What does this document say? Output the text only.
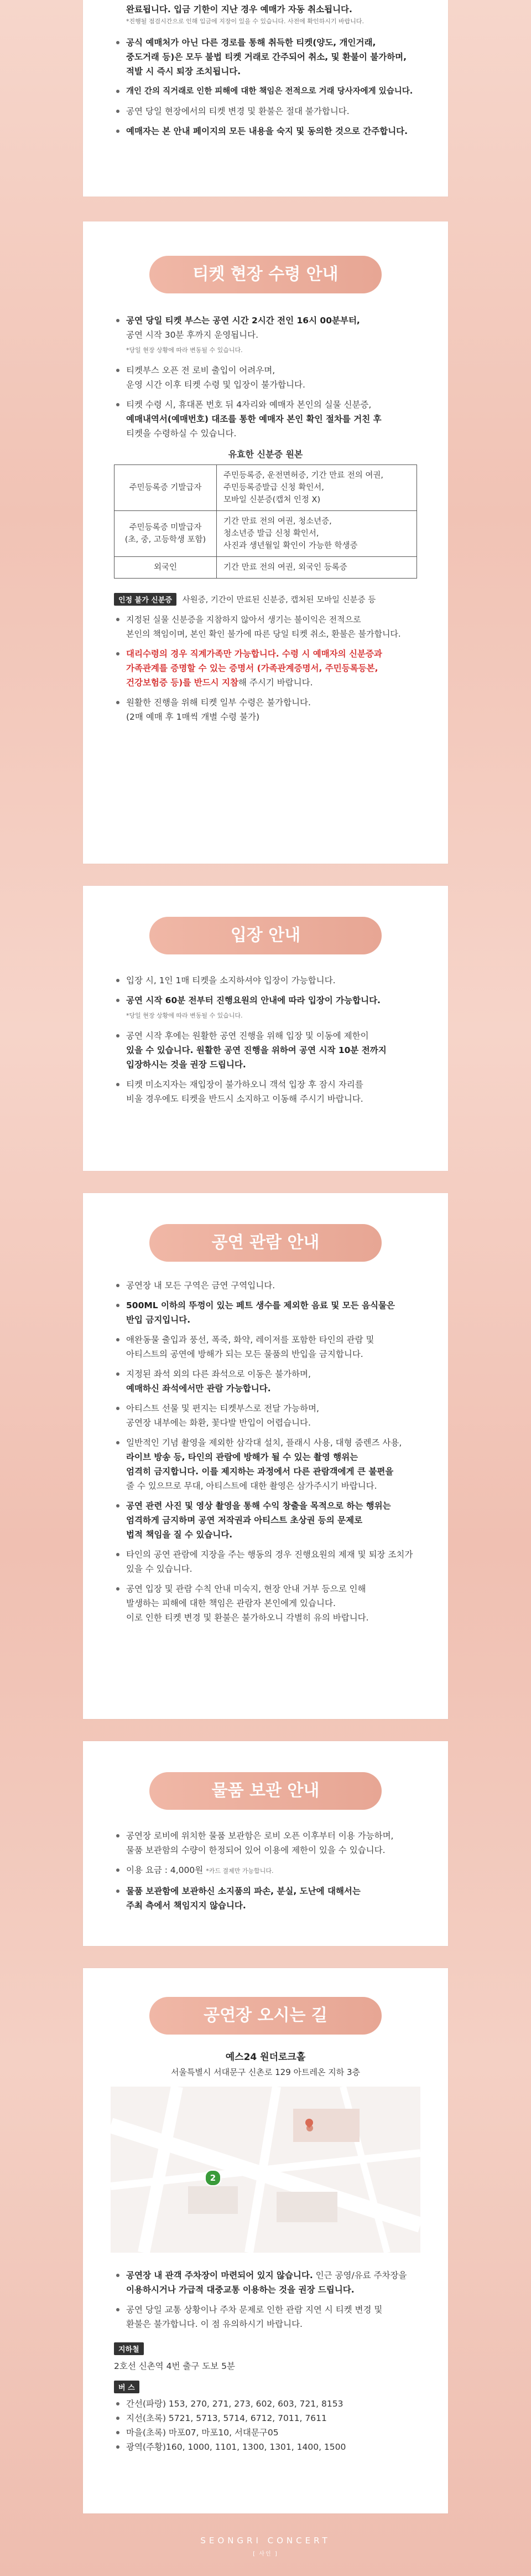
완료됩니다. 입금 기한이 지난 경우 예매가 자동 취소됩니다.
*진행될 점검시간으로 인해 입금에 지장이 있을 수 있습니다. 사전에 확인하시기 바랍니다.
공식 예매처가 아닌 다른 경로를 통해 취득한 티켓(양도, 개인거래,
중도거래 등)은 모두 불법 티켓 거래로 간주되어 취소, 및 환불이 불가하며,
적발 시 즉시 퇴장 조치됩니다.
개인 간의 직거래로 인한 피해에 대한 책임은 전적으로 거래 당사자에게 있습니다.
공연 당일 현장에서의 티켓 변경 및 환불은 절대 불가합니다.
예매자는 본 안내 페이지의 모든 내용을 숙지 및 동의한 것으로 간주합니다.
티켓 현장 수령 안내
공연 당일 티켓 부스는 공연 시간 2시간 전인 16시 00분부터,
공연 시작 30분 후까지 운영됩니다.
*당일 현장 상황에 따라 변동될 수 있습니다.
티켓부스 오픈 전 로비 출입이 어려우며,
운영 시간 이후 티켓 수령 및 입장이 불가합니다.
티켓 수령 시, 휴대폰 번호 뒤 4자리와 예매자 본인의 실물 신분증,
예매내역서(예매번호) 대조를 통한 예매자 본인 확인 절차를 거친 후
티켓을 수령하실 수 있습니다.
유효한 신분증 원본
주민등록증 기발급자	주민등록증, 운전면허증, 기간 만료 전의 여권,
주민등록증발급 신청 확인서,
모바일 신분증(캡처 인정 X)
주민등록증 미발급자
(초, 중, 고등학생 포함)	기간 만료 전의 여권, 청소년증,
청소년증 발급 신청 확인서,
사진과 생년월일 확인이 가능한 학생증
외국인	기간 만료 전의 여권, 외국인 등록증
인정 불가 신분증 사원증, 기간이 만료된 신분증, 캡처된 모바일 신분증 등
지정된 실물 신분증을 지참하지 않아서 생기는 불이익은 전적으로
본인의 책임이며, 본인 확인 불가에 따른 당일 티켓 취소, 환불은 불가합니다.
대리수령의 경우 직계가족만 가능합니다. 수령 시 예매자의 신분증과
가족관계를 증명할 수 있는 증명서 (가족관계증명서, 주민등록등본,
건강보험증 등)를 반드시 지참해 주시기 바랍니다.
원활한 진행을 위해 티켓 일부 수령은 불가합니다.
(2매 예매 후 1매씩 개별 수령 불가)
입장 안내
입장 시, 1인 1매 티켓을 소지하셔야 입장이 가능합니다.
공연 시작 60분 전부터 진행요원의 안내에 따라 입장이 가능합니다.
*당일 현장 상황에 따라 변동될 수 있습니다.
공연 시작 후에는 원활한 공연 진행을 위해 입장 및 이동에 제한이
있을 수 있습니다. 원활한 공연 진행을 위하여 공연 시작 10분 전까지
입장하시는 것을 권장 드립니다.
티켓 미소지자는 재입장이 불가하오니 객석 입장 후 잠시 자리를
비울 경우에도 티켓을 반드시 소지하고 이동해 주시기 바랍니다.
공연 관람 안내
공연장 내 모든 구역은 금연 구역입니다.
500ML 이하의 뚜껑이 있는 페트 생수를 제외한 음료 및 모든 음식물은
반입 금지입니다.
애완동물 출입과 풍선, 폭죽, 화약, 레이저를 포함한 타인의 관람 및
아티스트의 공연에 방해가 되는 모든 물품의 반입을 금지합니다.
지정된 좌석 외의 다른 좌석으로 이동은 불가하며,
예매하신 좌석에서만 관람 가능합니다.
아티스트 선물 및 편지는 티켓부스로 전달 가능하며,
공연장 내부에는 화환, 꽃다발 반입이 어렵습니다.
일반적인 기념 촬영을 제외한 삼각대 설치, 플래시 사용, 대형 줌렌즈 사용,
라이브 방송 등, 타인의 관람에 방해가 될 수 있는 촬영 행위는
엄격히 금지합니다. 이를 제지하는 과정에서 다른 관람객에게 큰 불편을
줄 수 있으므로 무대, 아티스트에 대한 촬영은 삼가주시기 바랍니다.
공연 관련 사진 및 영상 촬영을 통해 수익 창출을 목적으로 하는 행위는
엄격하게 금지하며 공연 저작권과 아티스트 초상권 등의 문제로
법적 책임을 질 수 있습니다.
타인의 공연 관람에 지장을 주는 행동의 경우 진행요원의 제재 및 퇴장 조치가
있을 수 있습니다.
공연 입장 및 관람 수칙 안내 미숙지, 현장 안내 거부 등으로 인해
발생하는 피해에 대한 책임은 관람자 본인에게 있습니다.
이로 인한 티켓 변경 및 환불은 불가하오니 각별히 유의 바랍니다.
물품 보관 안내
공연장 로비에 위치한 물품 보관함은 로비 오픈 이후부터 이용 가능하며,
물품 보관함의 수량이 한정되어 있어 이용에 제한이 있을 수 있습니다.
이용 요금 : 4,000원 *카드 결제만 가능합니다.
물품 보관함에 보관하신 소지품의 파손, 분실, 도난에 대해서는
주최 측에서 책임지지 않습니다.
공연장 오시는 길
예스24 원더로크홀
서울특별시 서대문구 신촌로 129 아트레온 지하 3층
2
공연장 내 관객 주차장이 마련되어 있지 않습니다. 인근 공영/유료 주차장을
이용하시거나 가급적 대중교통 이용하는 것을 권장 드립니다.
공연 당일 교통 상황이나 주차 문제로 인한 관람 지연 시 티켓 변경 및
환불은 불가합니다. 이 점 유의하시기 바랍니다.
지하철
2호선 신촌역 4번 출구 도보 5분
버 스
간선(파랑) 153, 270, 271, 273, 602, 603, 721, 8153
지선(초록) 5721, 5713, 5714, 6712, 7011, 7611
마을(초록) 마포07, 마포10, 서대문구05
광역(주황)160, 1000, 1101, 1300, 1301, 1400, 1500
SEONGRI CONCERT
[ 사인 ]
